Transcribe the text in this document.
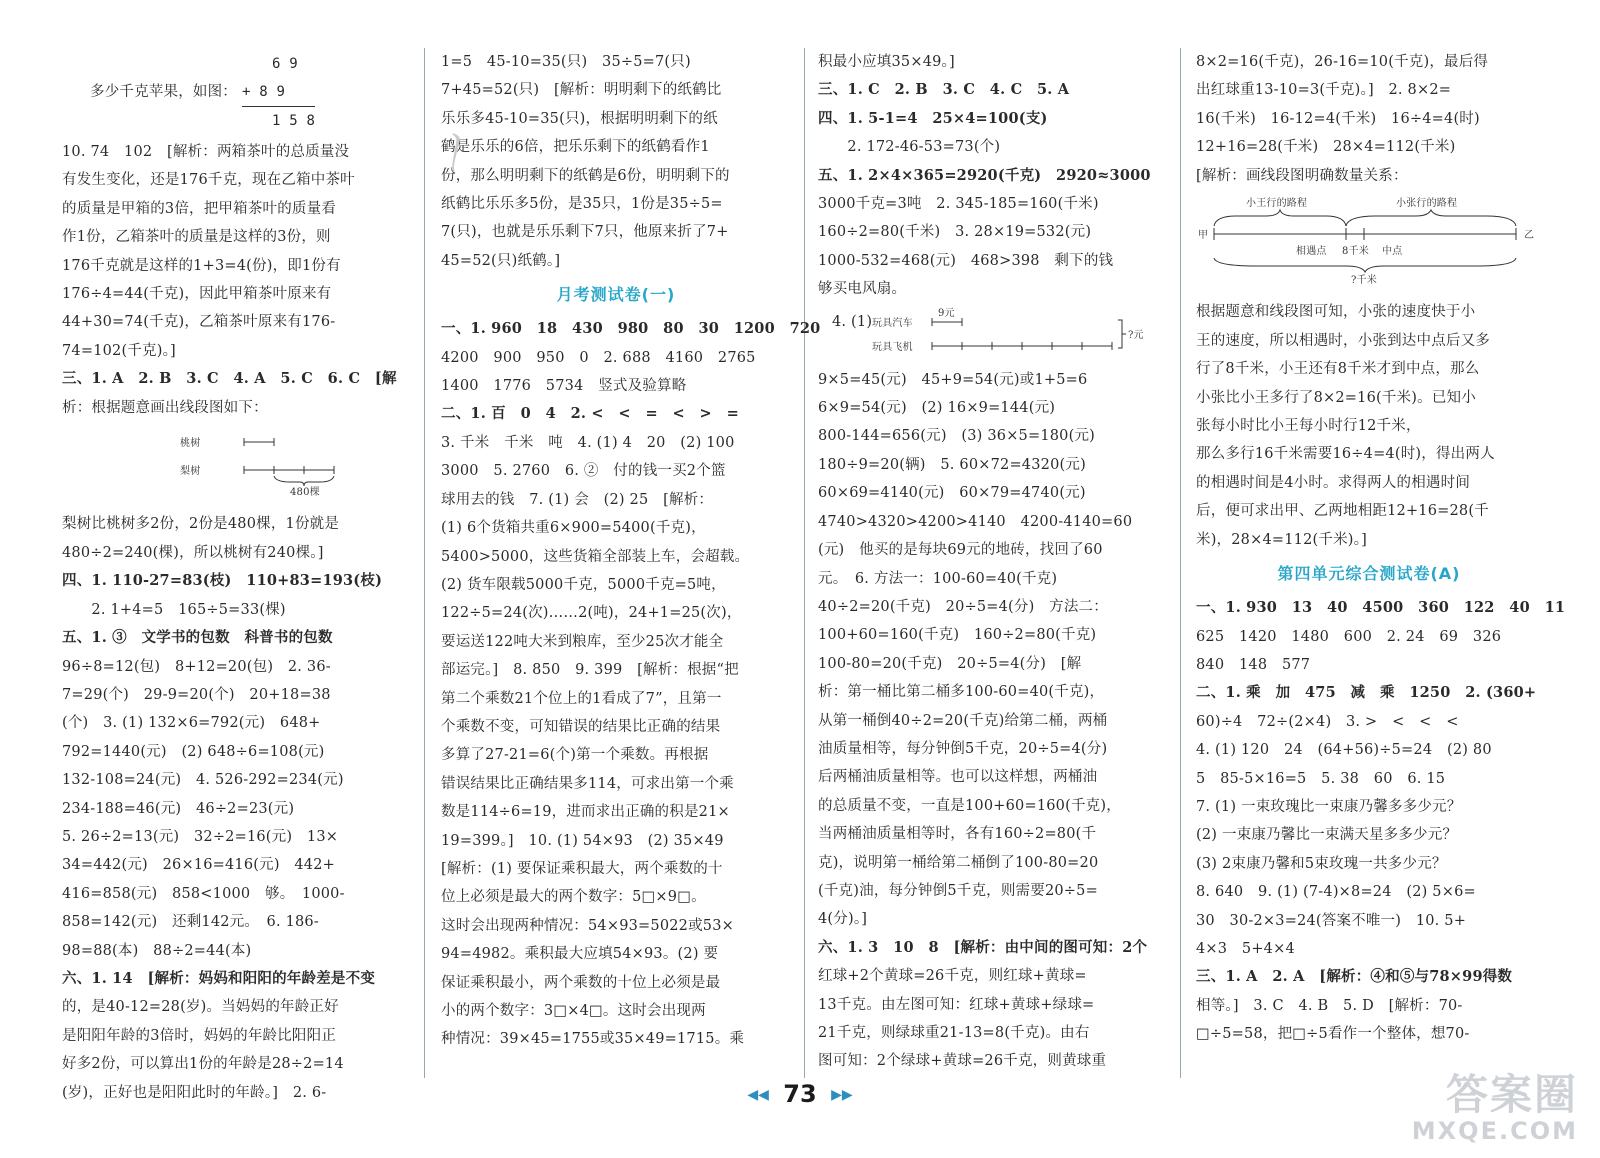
多少千克苹果，如图：
6 9
+ 8 9
1 5 8
10. 74　102　[解析：两箱茶叶的总质量没
有发生变化，还是176千克，现在乙箱中茶叶
的质量是甲箱的3倍，把甲箱茶叶的质量看
作1份，乙箱茶叶的质量是这样的3份，则
176千克就是这样的1+3=4(份)，即1份有
176÷4=44(千克)，因此甲箱茶叶原来有
44+30=74(千克)，乙箱茶叶原来有176-
74=102(千克)。]
三、1. A　2. B　3. C　4. A　5. C　6. C　[解
析：根据题意画出线段图如下：
桃树
梨树
480棵
梨树比桃树多2份，2份是480棵，1份就是
480÷2=240(棵)，所以桃树有240棵。]
四、1. 110-27=83(枝)　110+83=193(枝)
　　2. 1+4=5　165÷5=33(棵)
五、1. ③　文学书的包数　科普书的包数
96÷8=12(包)　8+12=20(包)　2. 36-
7=29(个)　29-9=20(个)　20+18=38
(个)　3. (1) 132×6=792(元)　648+
792=1440(元)　(2) 648÷6=108(元)
132-108=24(元)　4. 526-292=234(元)
234-188=46(元)　46÷2=23(元)
5. 26÷2=13(元)　32÷2=16(元)　13×
34=442(元)　26×16=416(元)　442+
416=858(元)　858<1000　够。　1000-
858=142(元)　还剩142元。　6. 186-
98=88(本)　88÷2=44(本)
六、1. 14　[解析：妈妈和阳阳的年龄差是不变
的，是40-12=28(岁)。当妈妈的年龄正好
是阳阳年龄的3倍时，妈妈的年龄比阳阳正
好多2份，可以算出1份的年龄是28÷2=14
(岁)，正好也是阳阳此时的年龄。]　2. 6-
1=5　45-10=35(只)　35÷5=7(只)
7+45=52(只)　[解析：明明剩下的纸鹤比
乐乐多45-10=35(只)，根据明明剩下的纸
鹤是乐乐的6倍，把乐乐剩下的纸鹤看作1
份，那么明明剩下的纸鹤是6份，明明剩下的
纸鹤比乐乐多5份，是35只，1份是35÷5=
7(只)，也就是乐乐剩下7只，他原来折了7+
45=52(只)纸鹤。]
月考测试卷(一)
一、1. 960　18　430　980　80　30　1200　720
4200　900　950　0　2. 688　4160　2765
1400　1776　5734　竖式及验算略
二、1. 百　0　4　2. <　<　=　<　>　=
3. 千米　千米　吨　4. (1) 4　20　(2) 100
3000　5. 2760　6. ②　付的钱一买2个篮
球用去的钱　7. (1) 会　(2) 25　[解析：
(1) 6个货箱共重6×900=5400(千克)，
5400>5000，这些货箱全部装上车，会超载。
(2) 货车限载5000千克，5000千克=5吨，
122÷5=24(次)……2(吨)，24+1=25(次)，
要运送122吨大米到粮库，至少25次才能全
部运完。]　8. 850　9. 399　[解析：根据“把
第二个乘数21个位上的1看成了7”，且第一
个乘数不变，可知错误的结果比正确的结果
多算了27-21=6(个)第一个乘数。再根据
错误结果比正确结果多114，可求出第一个乘
数是114÷6=19，进而求出正确的积是21×
19=399。]　10. (1) 54×93　(2) 35×49
[解析：(1) 要保证乘积最大，两个乘数的十
位上必须是最大的两个数字：5□×9□。
这时会出现两种情况：54×93=5022或53×
94=4982。乘积最大应填54×93。(2) 要
保证乘积最小，两个乘数的十位上必须是最
小的两个数字：3□×4□。这时会出现两
种情况：39×45=1755或35×49=1715。乘
积最小应填35×49。]
三、1. C　2. B　3. C　4. C　5. A
四、1. 5-1=4　25×4=100(支)
　　2. 172-46-53=73(个)
五、1. 2×4×365=2920(千克)　2920≈3000
3000千克=3吨　2. 345-185=160(千米)
160÷2=80(千米)　3. 28×19=532(元)
1000-532=468(元)　468>398　剩下的钱
够买电风扇。
4. (1) 玩具汽车
玩具飞机
9元
?元
9×5=45(元)　45+9=54(元)或1+5=6
6×9=54(元)　(2) 16×9=144(元)
800-144=656(元)　(3) 36×5=180(元)
180÷9=20(辆)　5. 60×72=4320(元)
60×69=4140(元)　60×79=4740(元)
4740>4320>4200>4140　4200-4140=60
(元)　他买的是每块69元的地砖，找回了60
元。　6. 方法一：100-60=40(千克)
40÷2=20(千克)　20÷5=4(分)　方法二：
100+60=160(千克)　160÷2=80(千克)
100-80=20(千克)　20÷5=4(分)　[解
析：第一桶比第二桶多100-60=40(千克)，
从第一桶倒40÷2=20(千克)给第二桶，两桶
油质量相等，每分钟倒5千克，20÷5=4(分)
后两桶油质量相等。也可以这样想，两桶油
的总质量不变，一直是100+60=160(千克)，
当两桶油质量相等时，各有160÷2=80(千
克)，说明第一桶给第二桶倒了100-80=20
(千克)油，每分钟倒5千克，则需要20÷5=
4(分)。]
六、1. 3　10　8　[解析：由中间的图可知：2个
红球+2个黄球=26千克，则红球+黄球=
13千克。由左图可知：红球+黄球+绿球=
21千克，则绿球重21-13=8(千克)。由右
图可知：2个绿球+黄球=26千克，则黄球重
8×2=16(千克)，26-16=10(千克)，最后得
出红球重13-10=3(千克)。]　2. 8×2=
16(千米)　16-12=4(千米)　16÷4=4(时)
12+16=28(千米)　28×4=112(千米)
[解析：画线段图明确数量关系：
甲	乙
小王行的路程	小张行的路程
相遇点 8千米 中点
?千米
根据题意和线段图可知，小张的速度快于小
王的速度，所以相遇时，小张到达中点后又多
行了8千米，小王还有8千米才到中点，那么
小张比小王多行了8×2=16(千米)。已知小
张每小时比小王每小时行12千米，
那么多行16千米需要16÷4=4(时)，得出两人
的相遇时间是4小时。求得两人的相遇时间
后，便可求出甲、乙两地相距12+16=28(千
米)，28×4=112(千米)。]
第四单元综合测试卷(A)
一、1. 930　13　40　4500　360　122　40　11
625　1420　1480　600　2. 24　69　326
840　148　577
二、1. 乘　加　475　减　乘　1250　2. (360+
60)÷4　72÷(2×4)　3. >　<　<　<
4. (1) 120　24　(64+56)÷5=24　(2) 80
5　85-5×16=5　5. 38　60　6. 15
7. (1) 一束玫瑰比一束康乃馨多多少元？
(2) 一束康乃馨比一束满天星多多少元？
(3) 2束康乃馨和5束玫瑰一共多少元？
8. 640　9. (1) (7-4)×8=24　(2) 5×6=
30　30-2×3=24(答案不唯一)　10. 5+
4×3　5+4×4
三、1. A　2. A　[解析：④和⑤与78×99得数
相等。]　3. C　4. B　5. D　[解析：70-
□÷5=58，把□÷5看作一个整体，想70-
〳
◀◀ 73 ▶▶	答案圈
MXQE.COM
